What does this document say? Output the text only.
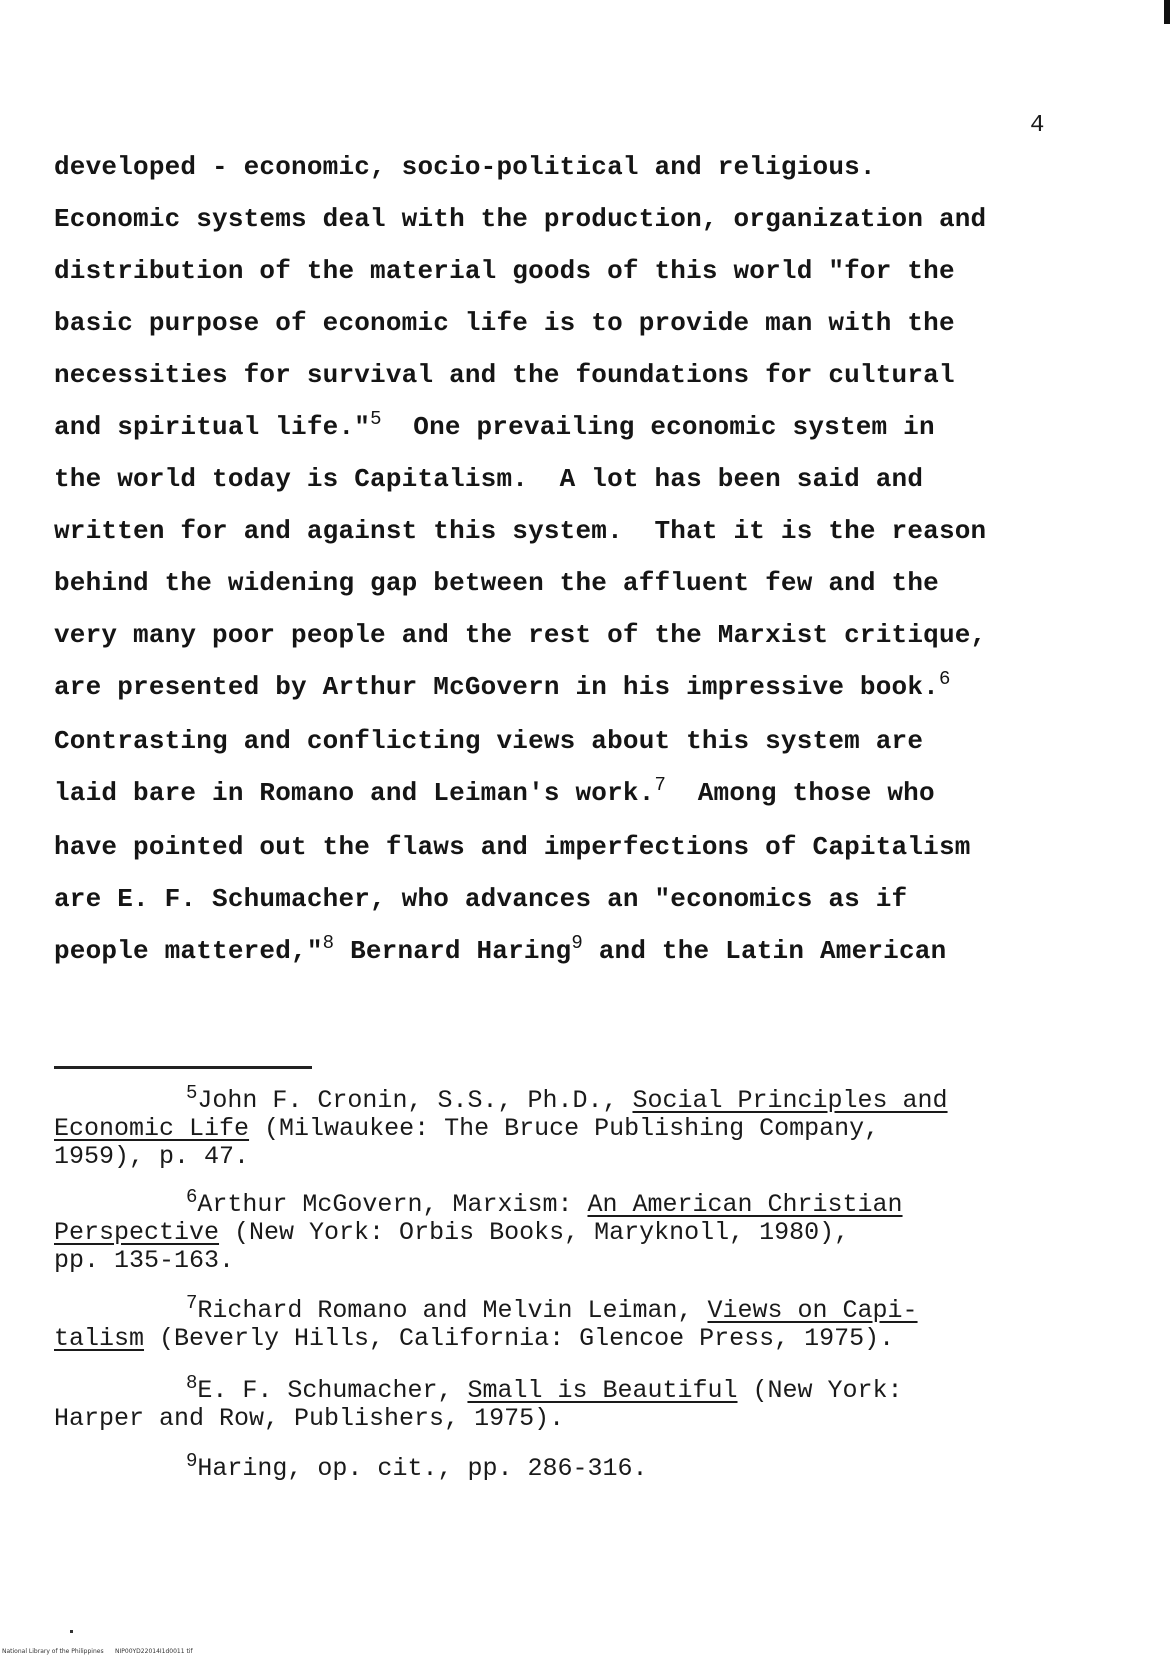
4
developed - economic, socio-political and religious.
Economic systems deal with the production, organization and
distribution of the material goods of this world "for the
basic purpose of economic life is to provide man with the
necessities for survival and the foundations for cultural
and spiritual life."$^5$  One prevailing economic system in
the world today is Capitalism.  A lot has been said and
written for and against this system.  That it is the reason
behind the widening gap between the affluent few and the
very many poor people and the rest of the Marxist critique,
are presented by Arthur McGovern in his impressive book.$^6$
Contrasting and conflicting views about this system are
laid bare in Romano and Leiman's work.$^7$  Among those who
have pointed out the flaws and imperfections of Capitalism
are E. F. Schumacher, who advances an "economics as if
people mattered,"$^8$ Bernard Haring$^9$ and the Latin American
$^5$John F. Cronin, S.S., Ph.D., Social Principles and
Economic Life (Milwaukee: The Bruce Publishing Company,
1959), p. 47.
$^6$Arthur McGovern, Marxism: An American Christian
Perspective (New York: Orbis Books, Maryknoll, 1980),
pp. 135-163.
$^7$Richard Romano and Melvin Leiman, Views on Capi-
talism (Beverly Hills, California: Glencoe Press, 1975).
$^8$E. F. Schumacher, Small is Beautiful (New York:
Harper and Row, Publishers, 1975).
$^9$Haring, op. cit., pp. 286-316.
National Library of the Philippines      NIP00YD22014I1d0011 tif
